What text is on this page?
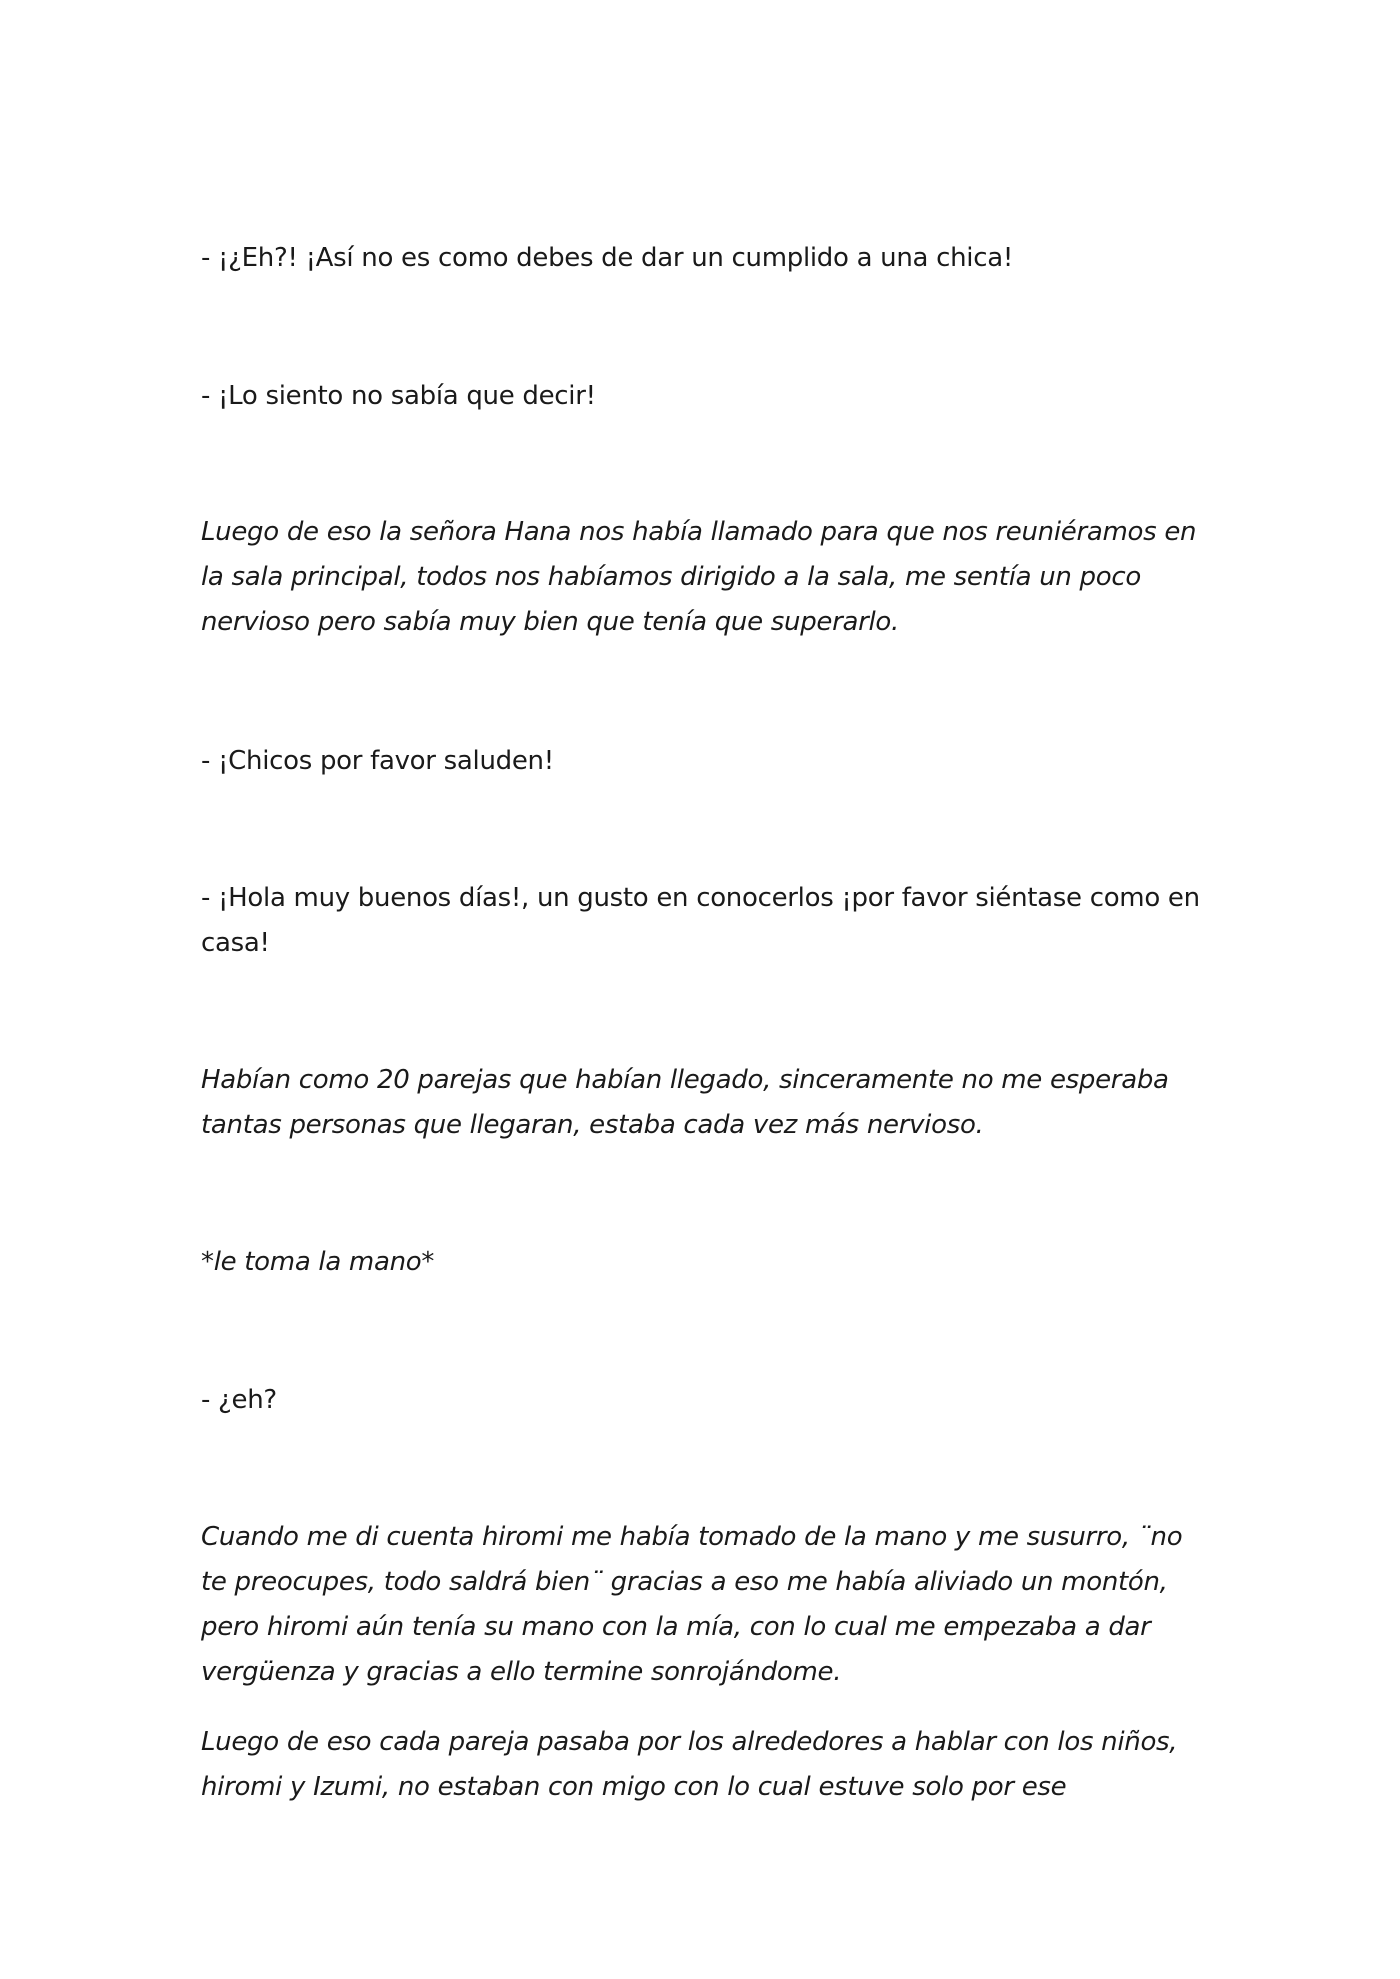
- ¡¿Eh?! ¡Así no es como debes de dar un cumplido a una chica!

- ¡Lo siento no sabía que decir!

Luego de eso la señora Hana nos había llamado para que nos reuniéramos en
la sala principal, todos nos habíamos dirigido a la sala, me sentía un poco
nervioso pero sabía muy bien que tenía que superarlo.

- ¡Chicos por favor saluden!

- ¡Hola muy buenos días!, un gusto en conocerlos ¡por favor siéntase como en
casa!

Habían como 20 parejas que habían llegado, sinceramente no me esperaba
tantas personas que llegaran, estaba cada vez más nervioso.

*le toma la mano*

- ¿eh?

Cuando me di cuenta hiromi me había tomado de la mano y me susurro, ¨no
te preocupes, todo saldrá bien¨ gracias a eso me había aliviado un montón,
pero hiromi aún tenía su mano con la mía, con lo cual me empezaba a dar
vergüenza y gracias a ello termine sonrojándome.

Luego de eso cada pareja pasaba por los alrededores a hablar con los niños,
hiromi y Izumi, no estaban con migo con lo cual estuve solo por ese
